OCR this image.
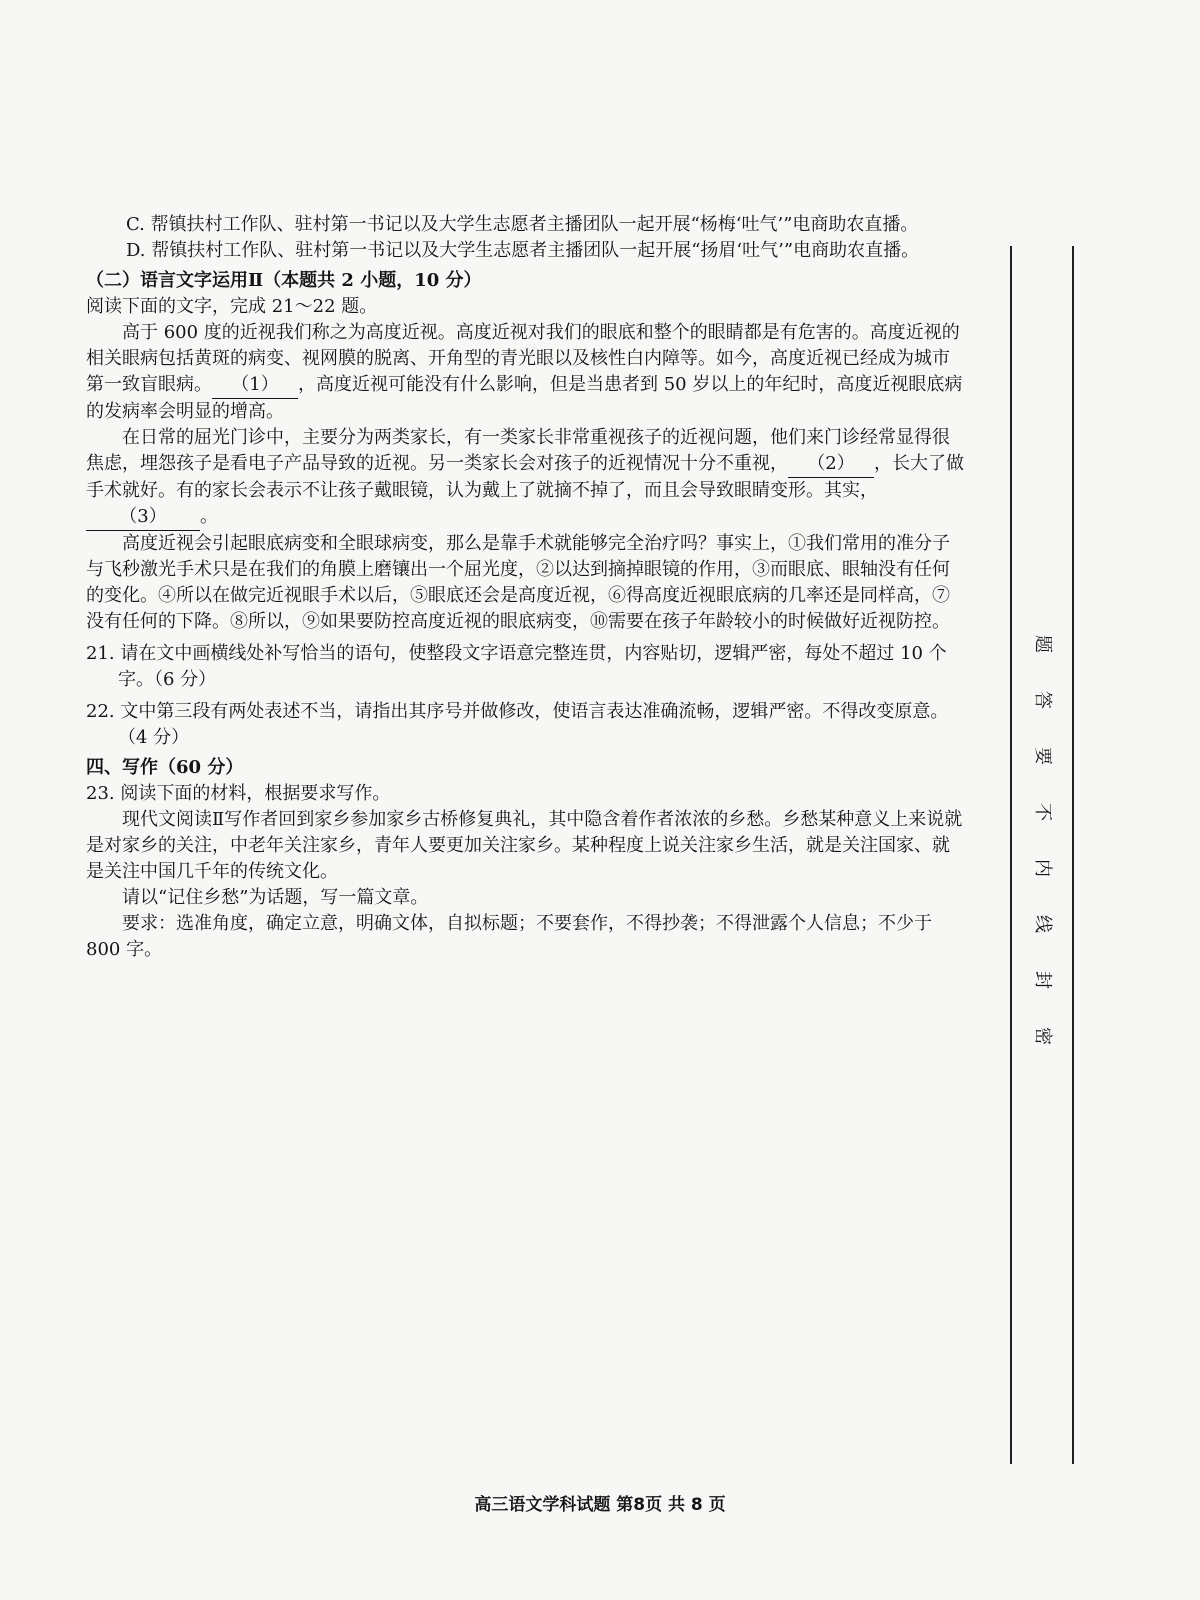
C. 帮镇扶村工作队、驻村第一书记以及大学生志愿者主播团队一起开展“杨梅‘吐气’”电商助农直播。

D. 帮镇扶村工作队、驻村第一书记以及大学生志愿者主播团队一起开展“扬眉‘吐气’”电商助农直播。

（二）语言文字运用Ⅱ（本题共 2 小题，10 分）

阅读下面的文字，完成 21～22 题。

高于 600 度的近视我们称之为高度近视。高度近视对我们的眼底和整个的眼睛都是有危害的。高度近视的相关眼病包括黄斑的病变、视网膜的脱离、开角型的青光眼以及核性白内障等。如今，高度近视已经成为城市第一致盲眼病。 （1） ，高度近视可能没有什么影响，但是当患者到 50 岁以上的年纪时，高度近视眼底病的发病率会明显的增高。

在日常的屈光门诊中，主要分为两类家长，有一类家长非常重视孩子的近视问题，他们来门诊经常显得很焦虑，埋怨孩子是看电子产品导致的近视。另一类家长会对孩子的近视情况十分不重视， （2） ，长大了做手术就好。有的家长会表示不让孩子戴眼镜，认为戴上了就摘不掉了，而且会导致眼睛变形。其实，（3） 。

高度近视会引起眼底病变和全眼球病变，那么是靠手术就能够完全治疗吗？事实上，①我们常用的准分子与飞秒激光手术只是在我们的角膜上磨镶出一个屈光度，②以达到摘掉眼镜的作用，③而眼底、眼轴没有任何的变化。④所以在做完近视眼手术以后，⑤眼底还会是高度近视，⑥得高度近视眼底病的几率还是同样高，⑦没有任何的下降。⑧所以，⑨如果要防控高度近视的眼底病变，⑩需要在孩子年龄较小的时候做好近视防控。

21. 请在文中画横线处补写恰当的语句，使整段文字语意完整连贯，内容贴切，逻辑严密，每处不超过 10 个字。（6 分）

22. 文中第三段有两处表述不当，请指出其序号并做修改，使语言表达准确流畅，逻辑严密。不得改变原意。（4 分）

四、写作（60 分）

23. 阅读下面的材料，根据要求写作。

现代文阅读Ⅱ写作者回到家乡参加家乡古桥修复典礼，其中隐含着作者浓浓的乡愁。乡愁某种意义上来说就是对家乡的关注，中老年关注家乡，青年人要更加关注家乡。某种程度上说关注家乡生活，就是关注国家、就是关注中国几千年的传统文化。

请以“记住乡愁”为话题，写一篇文章。

要求：选准角度，确定立意，明确文体，自拟标题；不要套作，不得抄袭；不得泄露个人信息；不少于 800 字。

题
答
要
不
内
线
封
密
高三语文学科试题 第8页 共 8 页
